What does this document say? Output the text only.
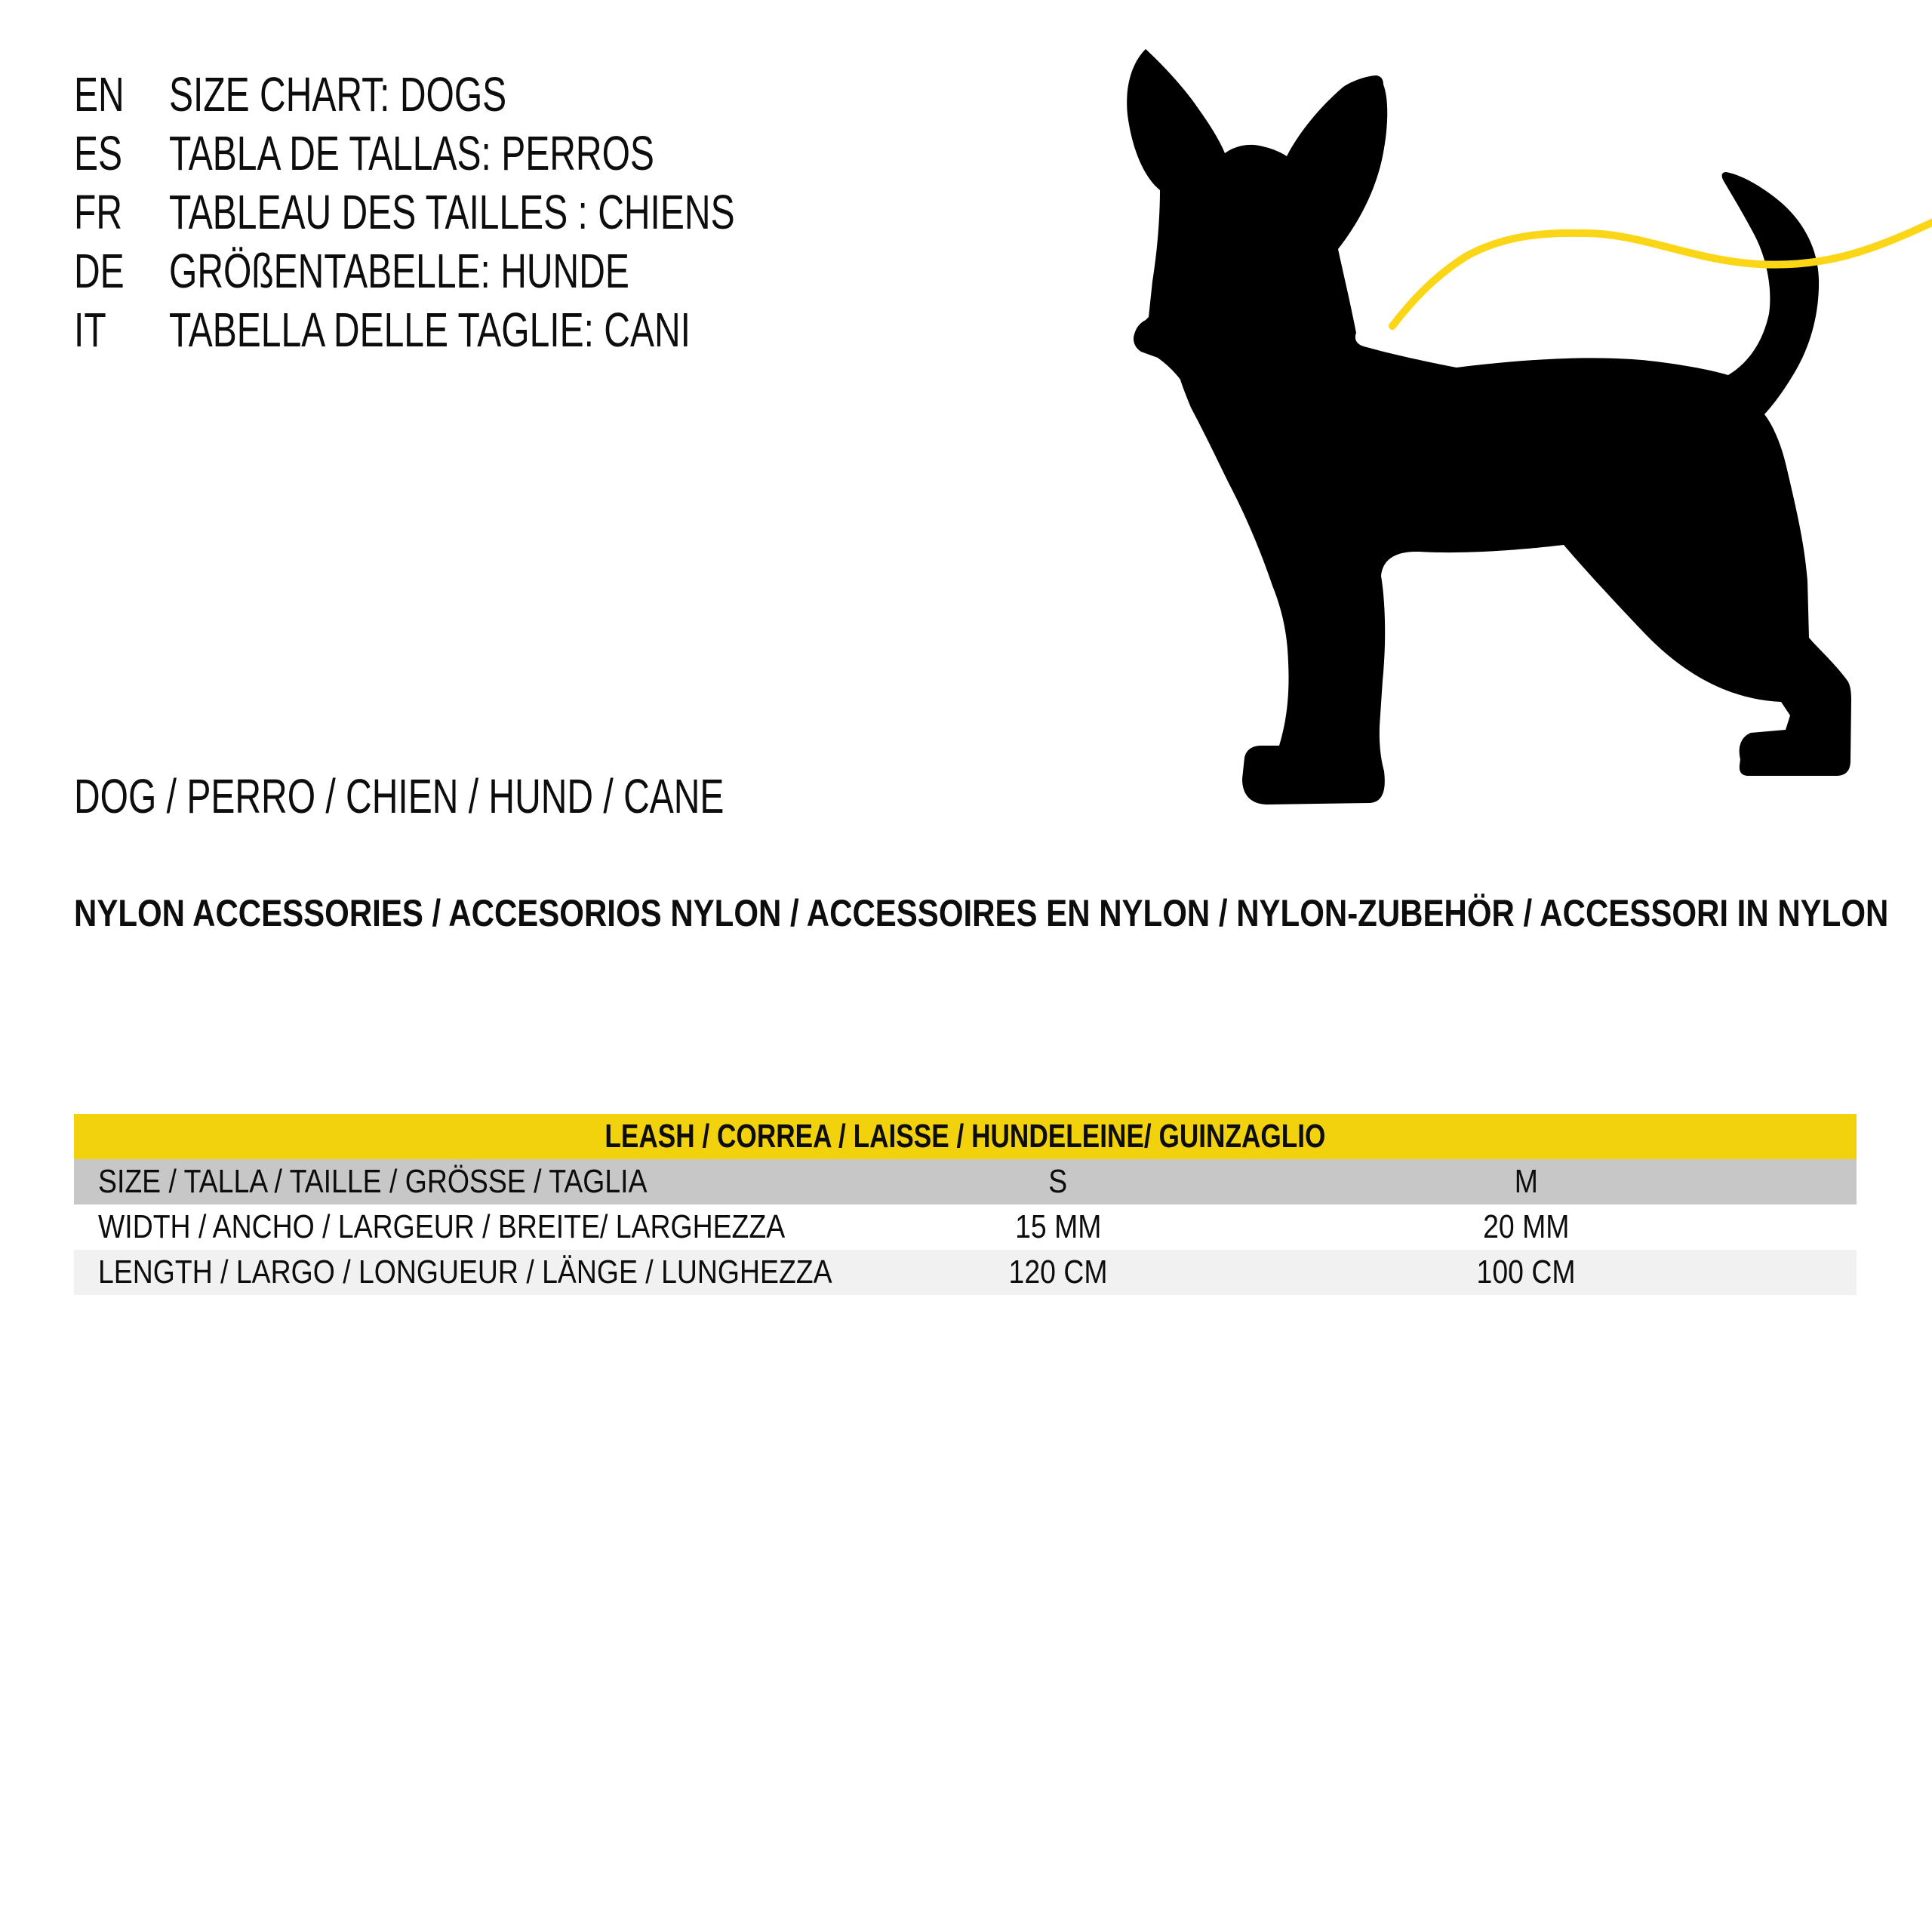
EN SIZE CHART: DOGS
ES TABLA DE TALLAS: PERROS
FR TABLEAU DES TAILLES : CHIENS
DE GRÖßENTABELLE: HUNDE
IT TABELLA DELLE TAGLIE: CANI
DOG / PERRO / CHIEN / HUND / CANE
NYLON ACCESSORIES / ACCESORIOS NYLON / ACCESSOIRES EN NYLON / NYLON-ZUBEHÖR / ACCESSORI IN NYLON
LEASH / CORREA / LAISSE / HUNDELEINE/ GUINZAGLIO
SIZE / TALLA / TAILLE / GRÖSSE / TAGLIA	S	M
WIDTH / ANCHO / LARGEUR / BREITE/ LARGHEZZA	15 MM	20 MM
LENGTH / LARGO / LONGUEUR / LÄNGE / LUNGHEZZA	120 CM	100 CM
